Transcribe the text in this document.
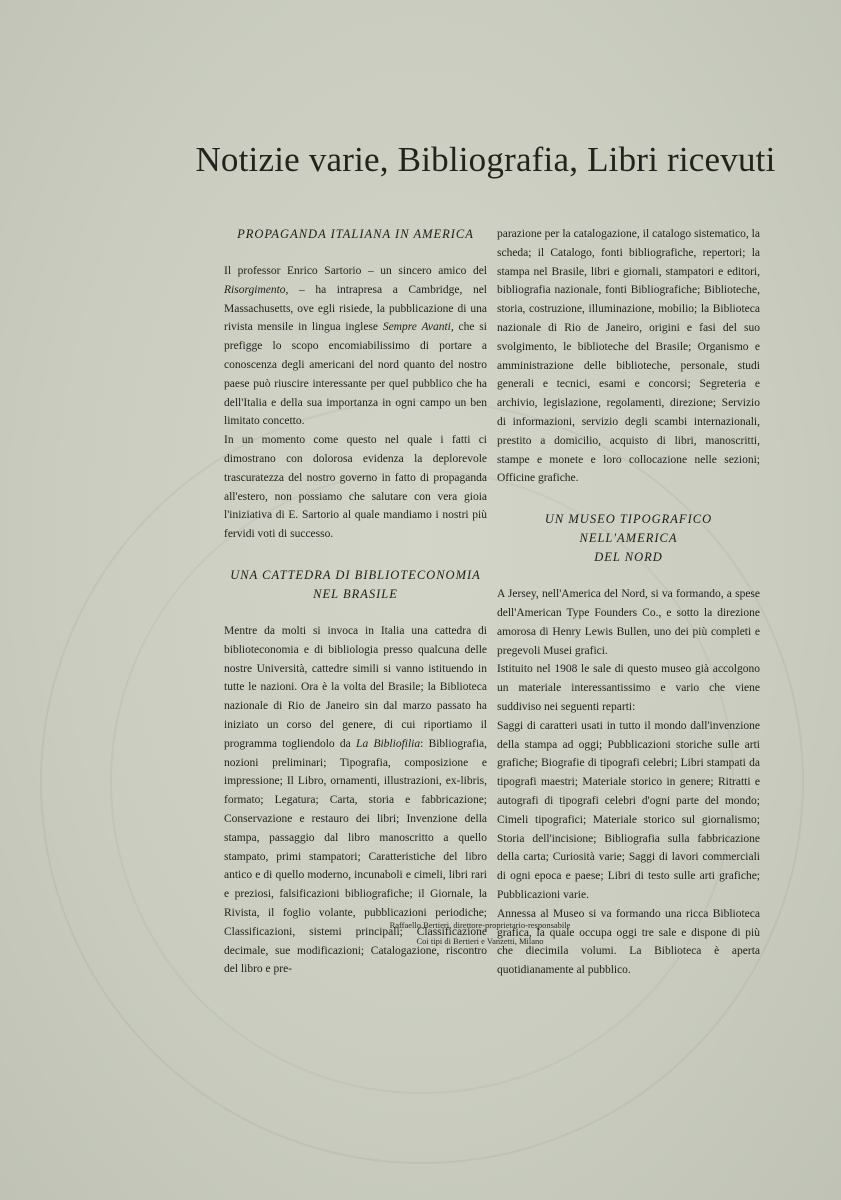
Notizie varie, Bibliografia, Libri ricevuti

PROPAGANDA ITALIANA IN AMERICA

Il professor Enrico Sartorio – un sincero amico del Risorgimento, – ha intrapresa a Cambridge, nel Massachusetts, ove egli risiede, la pubblicazione di una rivista mensile in lingua inglese Sempre Avanti, che si prefigge lo scopo encomiabilissimo di portare a conoscenza degli americani del nord quanto del nostro paese può riuscire interessante per quel pubblico che ha dell'Italia e della sua importanza in ogni campo un ben limitato concetto.

In un momento come questo nel quale i fatti ci dimostrano con dolorosa evidenza la deplorevole trascuratezza del nostro governo in fatto di propaganda all'estero, non possiamo che salutare con vera gioia l'iniziativa di E. Sartorio al quale mandiamo i nostri più fervidi voti di successo.

UNA CATTEDRA DI BIBLIOTECONOMIA
NEL BRASILE

Mentre da molti si invoca in Italia una cattedra di biblioteconomia e di bibliologia presso qualcuna delle nostre Università, cattedre simili si vanno istituendo in tutte le nazioni. Ora è la volta del Brasile; la Biblioteca nazionale di Rio de Janeiro sin dal marzo passato ha iniziato un corso del genere, di cui riportiamo il programma togliendolo da La Bibliofilia: Bibliografia, nozioni preliminari; Tipografia, composizione e impressione; Il Libro, ornamenti, illustrazioni, ex-libris, formato; Legatura; Carta, storia e fabbricazione; Conservazione e restauro dei libri; Invenzione della stampa, passaggio dal libro manoscritto a quello stampato, primi stampatori; Caratteristiche del libro antico e di quello moderno, incunaboli e cimeli, libri rari e preziosi, falsificazioni bibliografiche; il Giornale, la Rivista, il foglio volante, pubblicazioni periodiche; Classificazioni, sistemi principali; Classificazione decimale, sue modificazioni; Catalogazione, riscontro del libro e pre-

parazione per la catalogazione, il catalogo sistematico, la scheda; il Catalogo, fonti bibliografiche, repertori; la stampa nel Brasile, libri e giornali, stampatori e editori, bibliografia nazionale, fonti Bibliografiche; Biblioteche, storia, costruzione, illuminazione, mobilio; la Biblioteca nazionale di Rio de Janeiro, origini e fasi del suo svolgimento, le biblioteche del Brasile; Organismo e amministrazione delle biblioteche, personale, studi generali e tecnici, esami e concorsi; Segreteria e archivio, legislazione, regolamenti, direzione; Servizio di informazioni, servizio degli scambi internazionali, prestito a domicilio, acquisto di libri, manoscritti, stampe e monete e loro collocazione nelle sezioni; Officine grafiche.

UN MUSEO TIPOGRAFICO NELL'AMERICA
DEL NORD

A Jersey, nell'America del Nord, si va formando, a spese dell'American Type Founders Co., e sotto la direzione amorosa di Henry Lewis Bullen, uno dei più completi e pregevoli Musei grafici.

Istituito nel 1908 le sale di questo museo già accolgono un materiale interessantissimo e vario che viene suddiviso nei seguenti reparti:

Saggi di caratteri usati in tutto il mondo dall'invenzione della stampa ad oggi; Pubblicazioni storiche sulle arti grafiche; Biografie di tipografi celebri; Libri stampati da tipografi maestri; Materiale storico in genere; Ritratti e autografi di tipografi celebri d'ogni parte del mondo; Cimeli tipografici; Materiale storico sul giornalismo; Storia dell'incisione; Bibliografia sulla fabbricazione della carta; Curiosità varie; Saggi di lavori commerciali di ogni epoca e paese; Libri di testo sulle arti grafiche; Pubblicazioni varie.

Annessa al Museo si va formando una ricca Biblioteca grafica, la quale occupa oggi tre sale e dispone di più che diecimila volumi. La Biblioteca è aperta quotidianamente al pubblico.

Raffaello Bertieri, direttore-proprietario-responsabile
Coi tipi di Bertieri e Vanzetti, Milano
